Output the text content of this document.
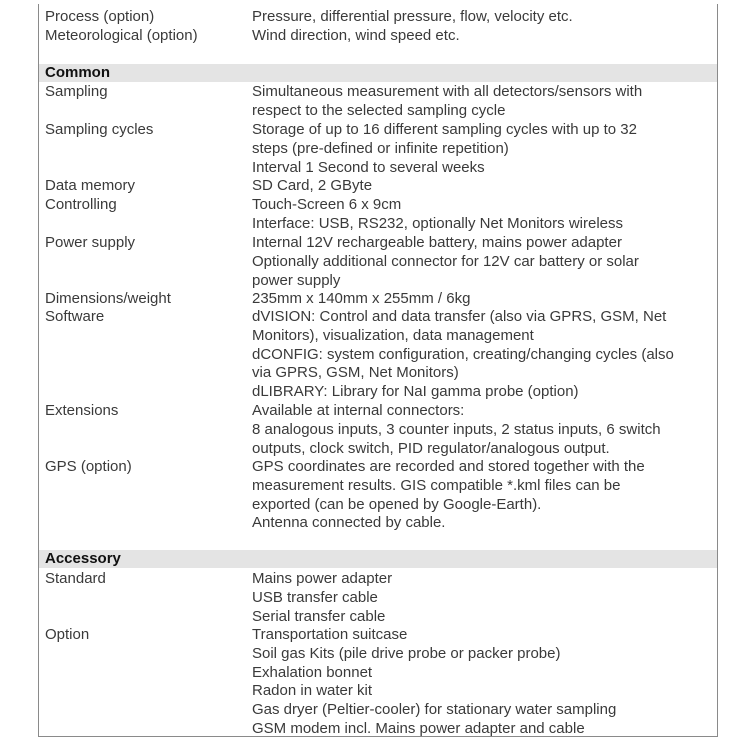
Process (option)	Pressure, differential pressure, flow, velocity etc.
Meteorological (option)	Wind direction, wind speed etc.
Common
Sampling	Simultaneous measurement with all detectors/sensors with
respect to the selected sampling cycle
Sampling cycles	Storage of up to 16 different sampling cycles with up to 32
steps (pre-defined or infinite repetition)
Interval 1 Second to several weeks
Data memory	SD Card, 2 GByte
Controlling	Touch-Screen 6 x 9cm
Interface: USB, RS232, optionally Net Monitors wireless
Power supply	Internal 12V rechargeable battery, mains power adapter
Optionally additional connector for 12V car battery or solar
power supply
Dimensions/weight	235mm x 140mm x 255mm / 6kg
Software	dVISION: Control and data transfer (also via GPRS, GSM, Net
Monitors), visualization, data management
dCONFIG: system configuration, creating/changing cycles (also
via GPRS, GSM, Net Monitors)
dLIBRARY: Library for NaI gamma probe (option)
Extensions	Available at internal connectors:
8 analogous inputs, 3 counter inputs, 2 status inputs, 6 switch
outputs, clock switch, PID regulator/analogous output.
GPS (option)	GPS coordinates are recorded and stored together with the
measurement results. GIS compatible *.kml files can be
exported (can be opened by Google-Earth).
Antenna connected by cable.
Accessory
Standard	Mains power adapter
USB transfer cable
Serial transfer cable
Option	Transportation suitcase
Soil gas Kits (pile drive probe or packer probe)
Exhalation bonnet
Radon in water kit
Gas dryer (Peltier-cooler) for stationary water sampling
GSM modem incl. Mains power adapter and cable
